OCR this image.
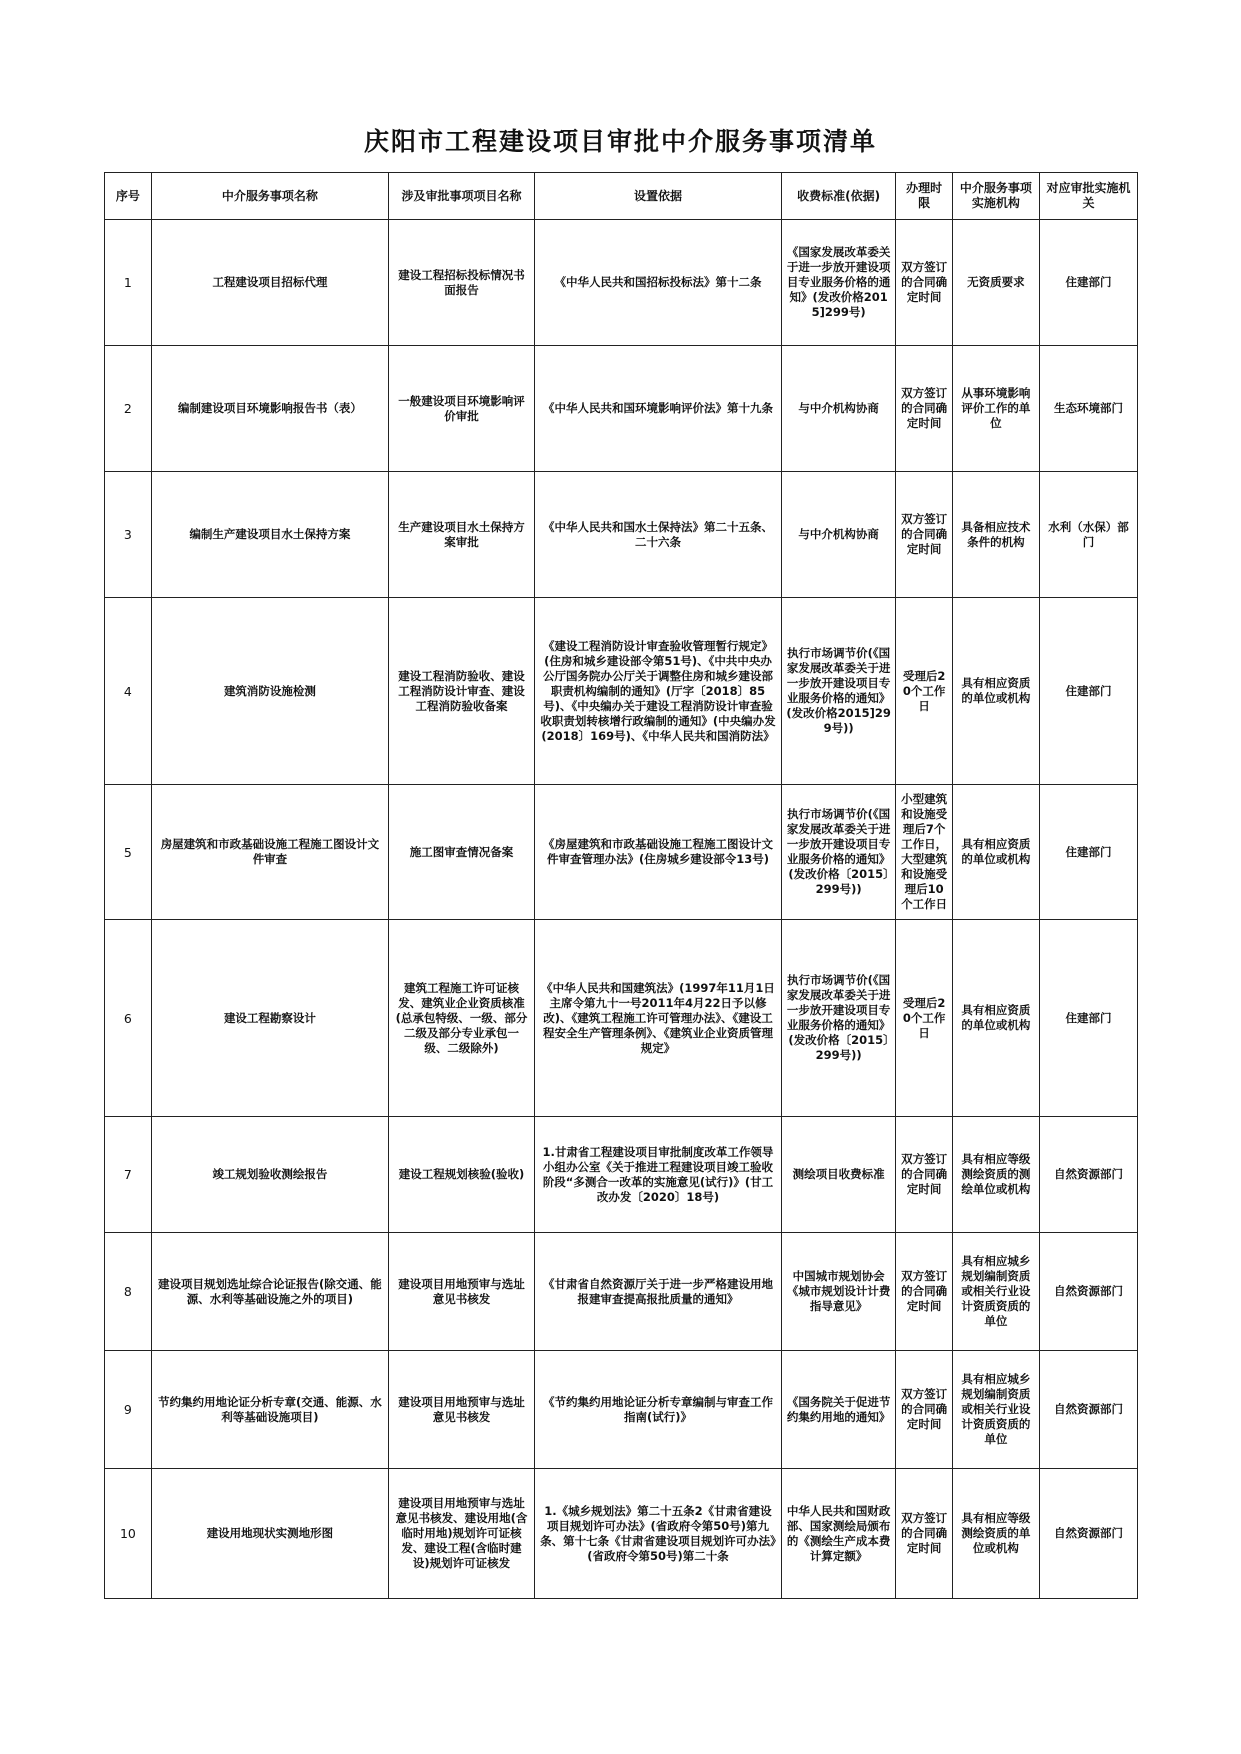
庆阳市工程建设项目审批中介服务事项清单
序号	中介服务事项名称	涉及审批事项项目名称	设置依据	收费标准(依据)	办理时限	中介服务事项实施机构	对应审批实施机关
1	工程建设项目招标代理	建设工程招标投标情况书面报告	《中华人民共和国招标投标法》第十二条	《国家发展改革委关于进一步放开建设项目专业服务价格的通知》(发改价格2015]299号)	双方签订的合同确定时间	无资质要求	住建部门
2	编制建设项目环境影响报告书（表）	一般建设项目环境影响评价审批	《中华人民共和国环境影响评价法》第十九条	与中介机构协商	双方签订的合同确定时间	从事环境影响评价工作的单位	生态环境部门
3	编制生产建设项目水土保持方案	生产建设项目水土保持方案审批	《中华人民共和国水土保持法》第二十五条、二十六条	与中介机构协商	双方签订的合同确定时间	具备相应技术条件的机构	水利（水保）部门
4	建筑消防设施检测	建设工程消防验收、建设工程消防设计审查、建设工程消防验收备案	《建设工程消防设计审查验收管理暂行规定》(住房和城乡建设部令第51号)、《中共中央办公厅国务院办公厅关于调整住房和城乡建设部职责机构编制的通知》(厅字〔2018〕85号)、《中央编办关于建设工程消防设计审查验收职责划转核增行政编制的通知》(中央编办发(2018〕169号)、《中华人民共和国消防法》	执行市场调节价(《国家发展改革委关于进一步放开建设项目专业服务价格的通知》(发改价格2015]299号))	受理后20个工作日	具有相应资质的单位或机构	住建部门
5	房屋建筑和市政基础设施工程施工图设计文件审查	施工图审查情况备案	《房屋建筑和市政基础设施工程施工图设计文件审查管理办法》(住房城乡建设部令13号)	执行市场调节价(《国家发展改革委关于进一步放开建设项目专业服务价格的通知》(发改价格〔2015〕299号))	小型建筑和设施受理后7个工作日，大型建筑和设施受理后10个工作日	具有相应资质的单位或机构	住建部门
6	建设工程勘察设计	建筑工程施工许可证核发、建筑业企业资质核准(总承包特级、一级、部分二级及部分专业承包一级、二级除外)	《中华人民共和国建筑法》(1997年11月1日主席令第九十一号2011年4月22日予以修改)、《建筑工程施工许可管理办法》、《建设工程安全生产管理条例》、《建筑业企业资质管理规定》	执行市场调节价(《国家发展改革委关于进一步放开建设项目专业服务价格的通知》(发改价格〔2015〕299号))	受理后20个工作日	具有相应资质的单位或机构	住建部门
7	竣工规划验收测绘报告	建设工程规划核验(验收)	1.甘肃省工程建设项目审批制度改革工作领导小组办公室《关于推进工程建设项目竣工验收阶段“多测合一改革的实施意见(试行)》(甘工改办发〔2020〕18号)	测绘项目收费标准	双方签订的合同确定时间	具有相应等级测绘资质的测绘单位或机构	自然资源部门
8	建设项目规划选址综合论证报告(除交通、能源、水利等基础设施之外的项目)	建设项目用地预审与选址意见书核发	《甘肃省自然资源厅关于进一步严格建设用地报建审查提高报批质量的通知》	中国城市规划协会《城市规划设计计费指导意见》	双方签订的合同确定时间	具有相应城乡规划编制资质或相关行业设计资质资质的单位	自然资源部门
9	节约集约用地论证分析专章(交通、能源、水利等基础设施项目)	建设项目用地预审与选址意见书核发	《节约集约用地论证分析专章编制与审查工作指南(试行)》	《国务院关于促进节约集约用地的通知》	双方签订的合同确定时间	具有相应城乡规划编制资质或相关行业设计资质资质的单位	自然资源部门
10	建设用地现状实测地形图	建设项目用地预审与选址意见书核发、建设用地(含临时用地)规划许可证核发、建设工程(含临时建设)规划许可证核发	1.《城乡规划法》第二十五条2《甘肃省建设项目规划许可办法》(省政府令第50号)第九条、第十七条《甘肃省建设项目规划许可办法》(省政府令第50号)第二十条	中华人民共和国财政部、国家测绘局颁布的《测绘生产成本费计算定额》	双方签订的合同确定时间	具有相应等级测绘资质的单位或机构	自然资源部门
